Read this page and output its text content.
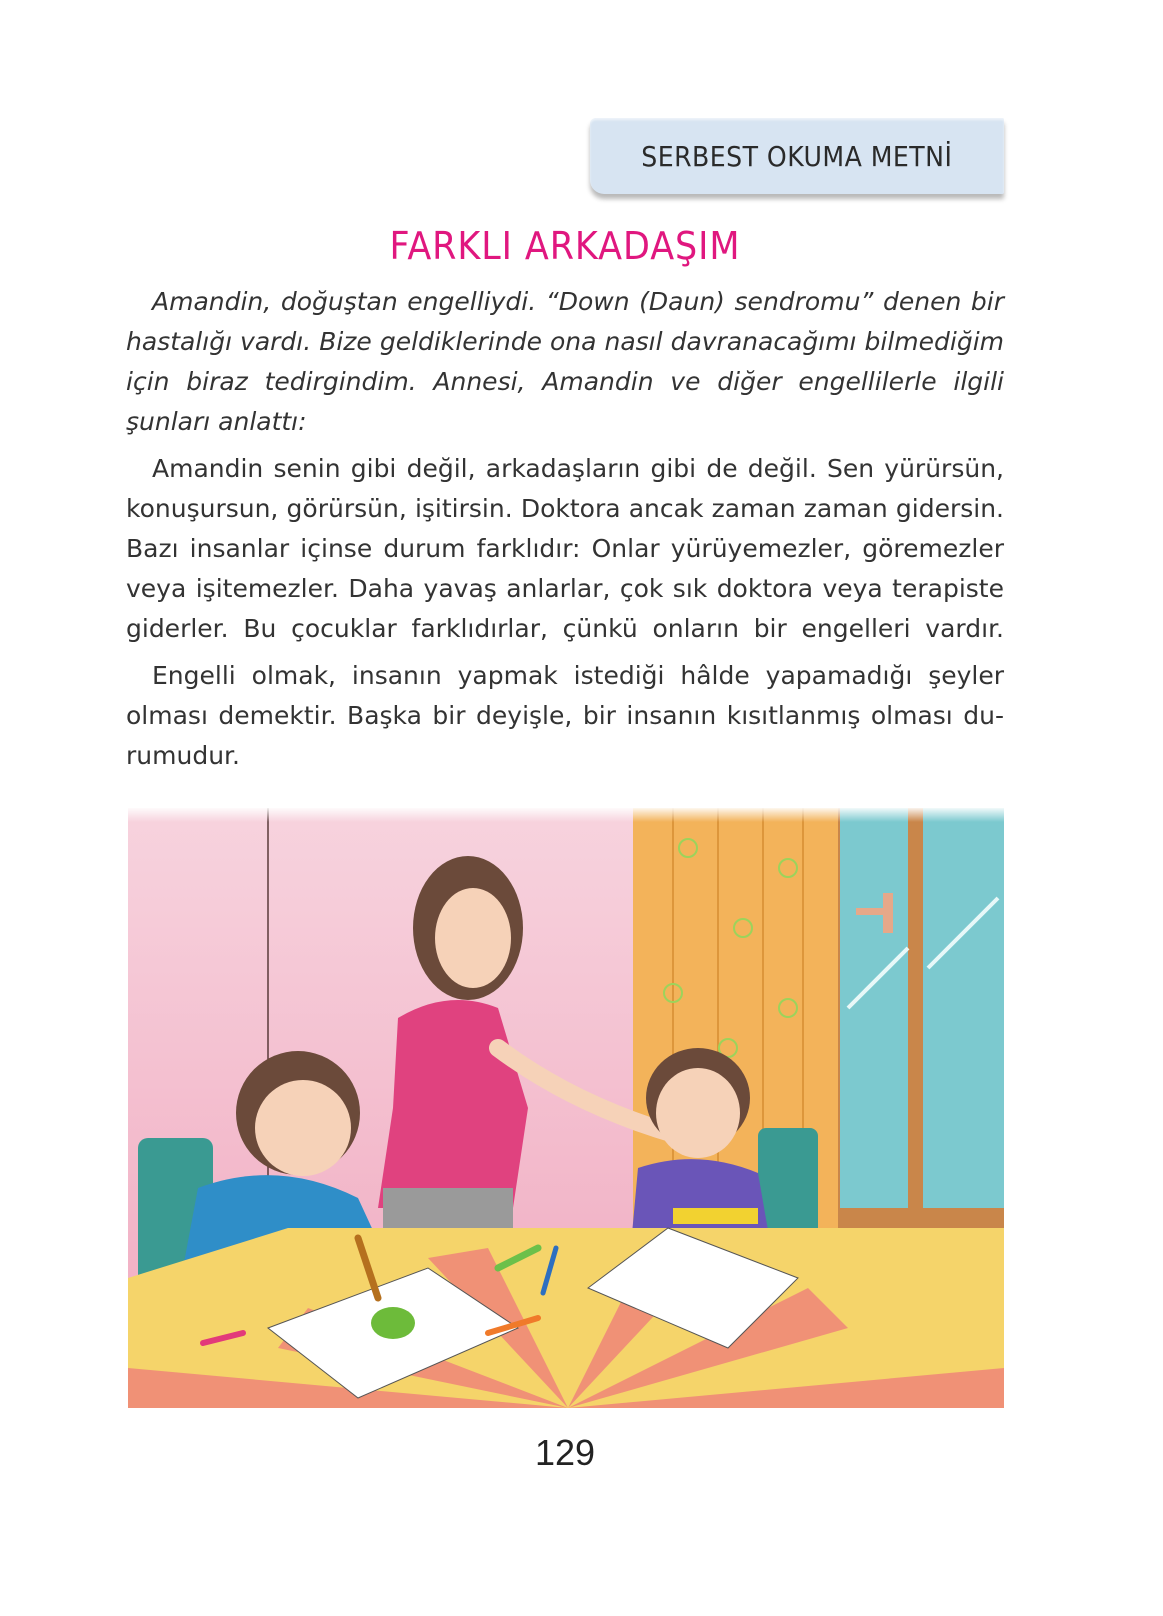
SERBEST OKUMA METNİ
FARKLI ARKADAŞIM
Amandin, doğuştan engelliydi. “Down (Daun) sendromu” denen bir
hastalığı vardı. Bize geldiklerinde ona nasıl davranacağımı bilmediğim
için biraz tedirgindim. Annesi, Amandin ve diğer engellilerle ilgili
şunları anlattı:
Amandin senin gibi değil, arkadaşların gibi de değil. Sen yürürsün,
konuşursun, görürsün, işitirsin. Doktora ancak zaman zaman gidersin.
Bazı insanlar içinse durum farklıdır: Onlar yürüyemezler, göremezler
veya işitemezler. Daha yavaş anlarlar, çok sık doktora veya terapiste
giderler. Bu çocuklar farklıdırlar, çünkü onların bir engelleri vardır.
Engelli olmak, insanın yapmak istediği hâlde yapamadığı şeyler
olması demektir. Başka bir deyişle, bir insanın kısıtlanmış olması du-
rumudur.
129
